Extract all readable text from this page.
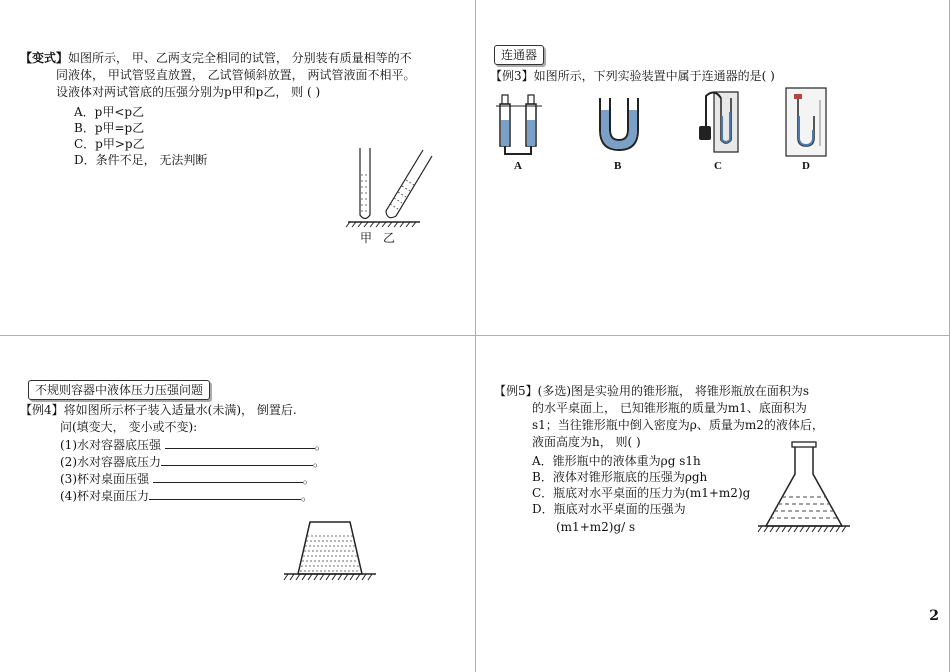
【变式】如图所示， 甲、乙两支完全相同的试管， 分别装有质量相等的不
同液体， 甲试管竖直放置， 乙试管倾斜放置， 两试管液面不相平。
设液体对两试管底的压强分别为p甲和p乙， 则 ( )
A．p甲<p乙
B．p甲=p乙
C．p甲>p乙
D．条件不足， 无法判断
甲 乙
连通器
【例3】如图所示，下列实验装置中属于连通器的是( )
A	B	C	D
不规则容器中液体压力压强问题
【例4】将如图所示杯子装入适量水(未满)， 倒置后.
问(填变大， 变小或不变):
(1)水对容器底压强	。
(2)水对容器底压力	。
(3)杯对桌面压强	。
(4)杯对桌面压力	。
【例5】(多选)图是实验用的锥形瓶， 将锥形瓶放在面积为s
的水平桌面上， 已知锥形瓶的质量为m1、底面积为
s1；当往锥形瓶中倒入密度为ρ、质量为m2的液体后，
液面高度为h， 则( )
A．锥形瓶中的液体重为ρg s1h
B．液体对锥形瓶底的压强为ρgh
C．瓶底对水平桌面的压力为(m1+m2)g
D．瓶底对水平桌面的压强为
(m1+m2)g/ s
2
